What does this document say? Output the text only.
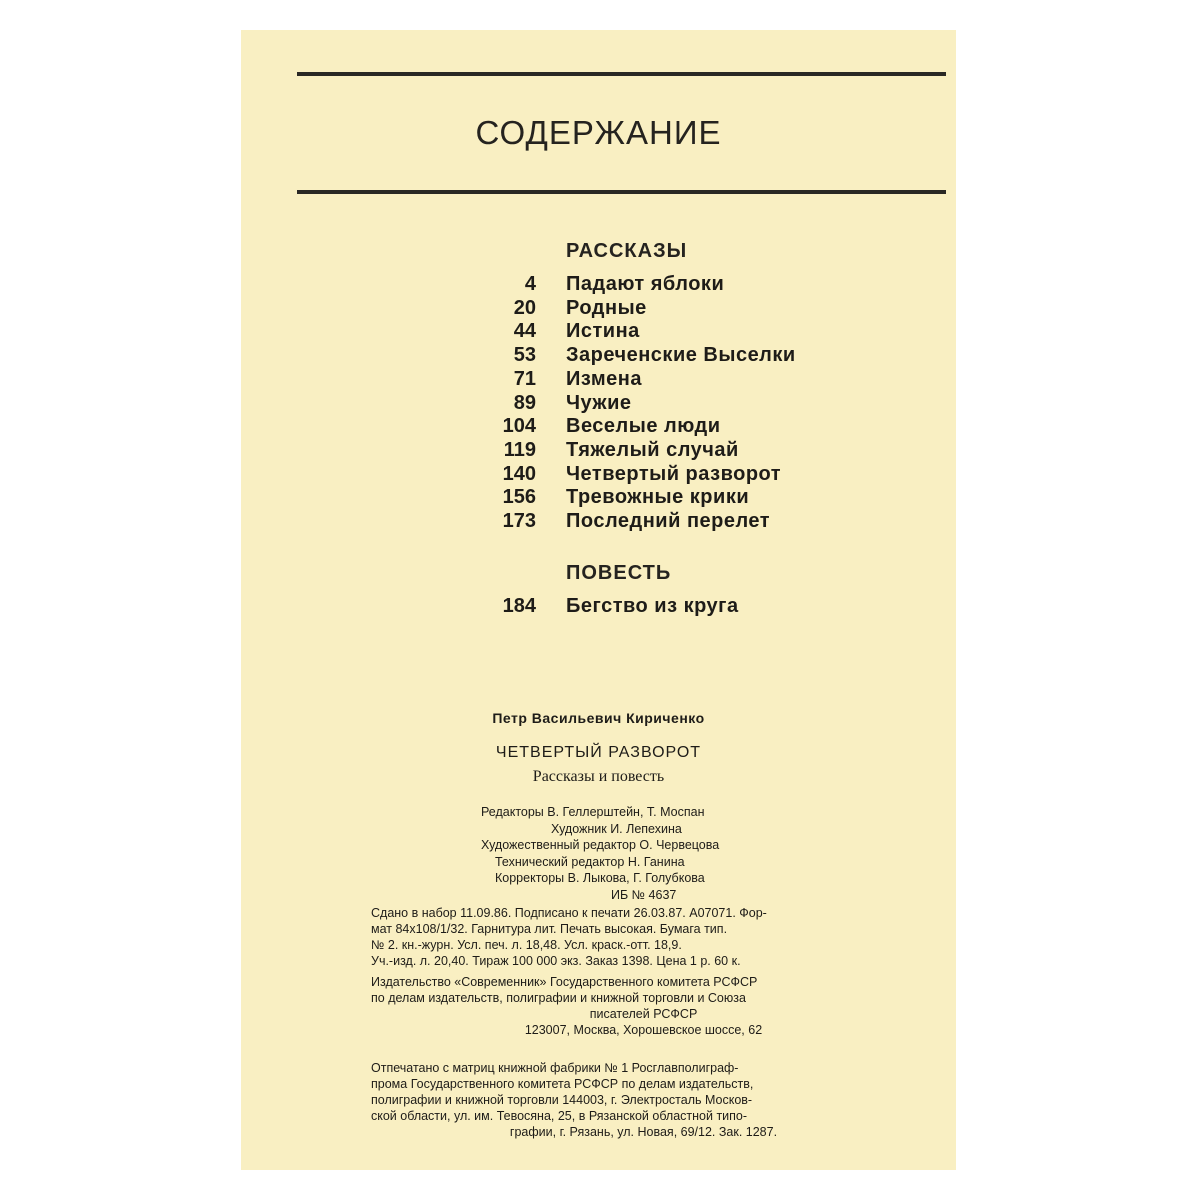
СОДЕРЖАНИЕ
РАССКАЗЫ
4 Падают яблоки
20 Родные
44 Истина
53 Зареченские Выселки
71 Измена
89 Чужие
104 Веселые люди
119 Тяжелый случай
140 Четвертый разворот
156 Тревожные крики
173 Последний перелет
ПОВЕСТЬ
184 Бегство из круга
Петр Васильевич Кириченко
ЧЕТВЕРТЫЙ РАЗВОРОТ
Рассказы и повесть
Редакторы В. Геллерштейн, Т. Моспан
Художник И. Лепехина
Художественный редактор О. Червецова
Технический редактор Н. Ганина
Корректоры В. Лыкова, Г. Голубкова
ИБ № 4637
Сдано в набор 11.09.86. Подписано к печати 26.03.87. А07071. Фор-
мат 84х108/1/32. Гарнитура лит. Печать высокая. Бумага тип.
№ 2. кн.-журн. Усл. печ. л. 18,48. Усл. краск.-отт. 18,9.
Уч.-изд. л. 20,40. Тираж 100 000 экз. Заказ 1398. Цена 1 р. 60 к.
Издательство «Современник» Государственного комитета РСФСР
по делам издательств, полиграфии и книжной торговли и Союза
писателей РСФСР
123007, Москва, Хорошевское шоссе, 62
Отпечатано с матриц книжной фабрики № 1 Росглавполиграф-
прома Государственного комитета РСФСР по делам издательств,
полиграфии и книжной торговли 144003, г. Электросталь Москов-
ской области, ул. им. Тевосяна, 25, в Рязанской областной типо-
графии, г. Рязань, ул. Новая, 69/12. Зак. 1287.
